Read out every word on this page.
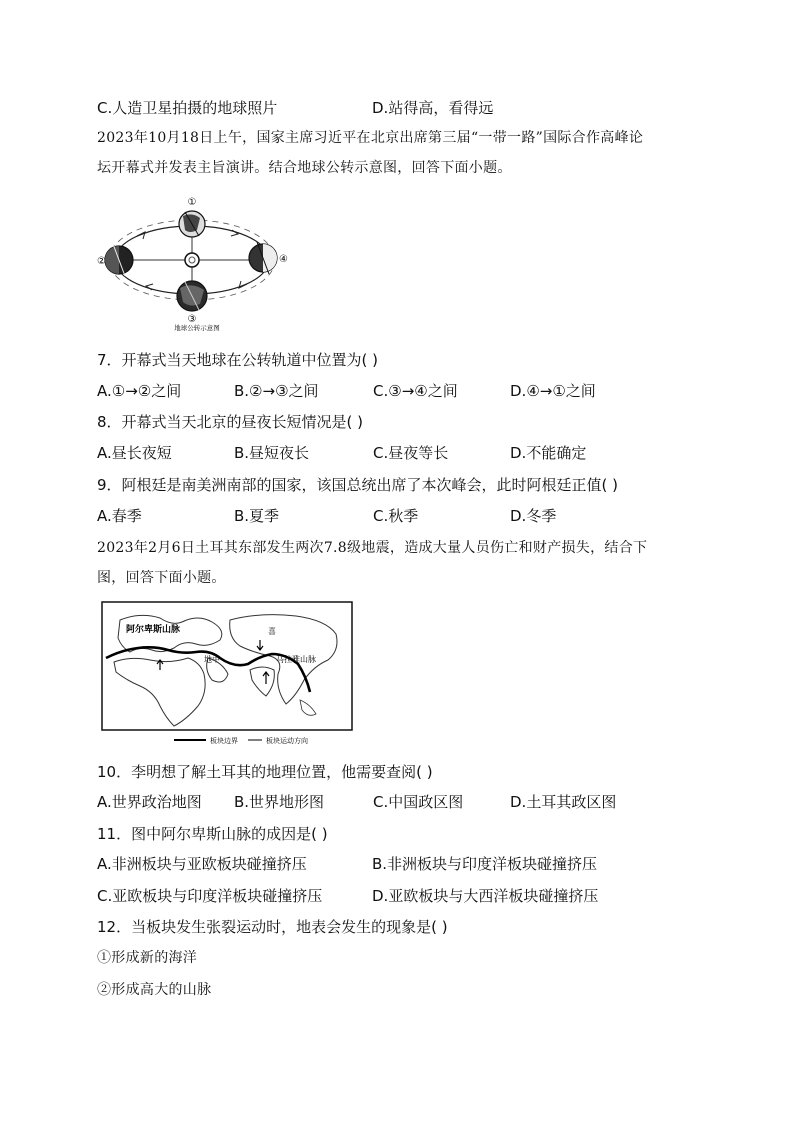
C.人造卫星拍摄的地球照片	D.站得高，看得远
2023年10月18日上午，国家主席习近平在北京出席第三届“一带一路”国际合作高峰论
坛开幕式并发表主旨演讲。结合地球公转示意图，回答下面小题。
①
②
③
④
地球公转示意图
7．开幕式当天地球在公转轨道中位置为( )
A.①→②之间	B.②→③之间	C.③→④之间	D.④→①之间
8．开幕式当天北京的昼夜长短情况是( )
A.昼长夜短	B.昼短夜长	C.昼夜等长	D.不能确定
9．阿根廷是南美洲南部的国家，该国总统出席了本次峰会，此时阿根廷正值( )
A.春季	B.夏季	C.秋季	D.冬季
2023年2月6日土耳其东部发生两次7.8级地震，造成大量人员伤亡和财产损失，结合下
图，回答下面小题。
阿尔卑斯山脉
地中
喜
马拉雅山脉
板块边界	板块运动方向
10．李明想了解土耳其的地理位置，他需要查阅( )
A.世界政治地图 B.世界地形图	C.中国政区图	D.土耳其政区图
11．图中阿尔卑斯山脉的成因是( )
A.非洲板块与亚欧板块碰撞挤压	B.非洲板块与印度洋板块碰撞挤压
C.亚欧板块与印度洋板块碰撞挤压	D.亚欧板块与大西洋板块碰撞挤压
12．当板块发生张裂运动时，地表会发生的现象是( )
①形成新的海洋
②形成高大的山脉
